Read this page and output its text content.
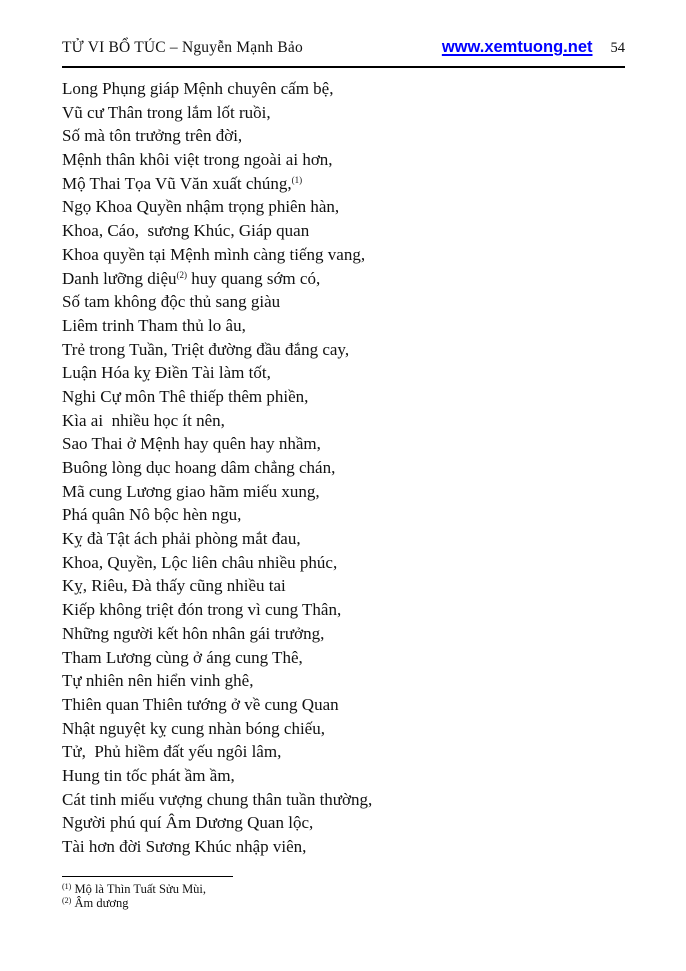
TỬ VI BỔ TÚC – Nguyễn Mạnh Bảo	www.xemtuong.net 54
Long Phụng giáp Mệnh chuyên cấm bệ,
Vũ cư Thân trong lắm lốt ruồi,
Số mà tôn trưởng trên đời,
Mệnh thân khôi việt trong ngoài ai hơn,
Mộ Thai Tọa Vũ Văn xuất chúng,$^{(1)}$
Ngọ Khoa Quyền nhậm trọng phiên hàn,
Khoa, Cáo,  sương Khúc, Giáp quan
Khoa quyền tại Mệnh mình càng tiếng vang,
Danh lưỡng diệu$^{(2)}$ huy quang sớm có,
Số tam không độc thủ sang giàu
Liêm trinh Tham thủ lo âu,
Trẻ trong Tuần, Triệt đường đầu đắng cay,
Luận Hóa kỵ Điền Tài làm tốt,
Nghi Cự môn Thê thiếp thêm phiền,
Kìa ai  nhiều học ít nên,
Sao Thai ở Mệnh hay quên hay nhầm,
Buông lòng dục hoang dâm chẳng chán,
Mã cung Lương giao hãm miếu xung,
Phá quân Nô bộc hèn ngu,
Kỵ đà Tật ách phải phòng mắt đau,
Khoa, Quyền, Lộc liên châu nhiều phúc,
Kỵ, Riêu, Đà thấy cũng nhiều tai
Kiếp không triệt đón trong vì cung Thân,
Những người kết hôn nhân gái trưởng,
Tham Lương cùng ở áng cung Thê,
Tự nhiên nên hiển vinh ghê,
Thiên quan Thiên tướng ở về cung Quan
Nhật nguyệt kỵ cung nhàn bóng chiếu,
Tử,  Phủ hiềm đất yếu ngôi lâm,
Hung tin tốc phát ầm ầm,
Cát tinh miếu vượng chung thân tuần thường,
Người phú quí Âm Dương Quan lộc,
Tài hơn đời Sương Khúc nhập viên,
$^{(1)}$ Mộ là Thìn Tuất Sửu Mùi,
$^{(2)}$ Âm dương
